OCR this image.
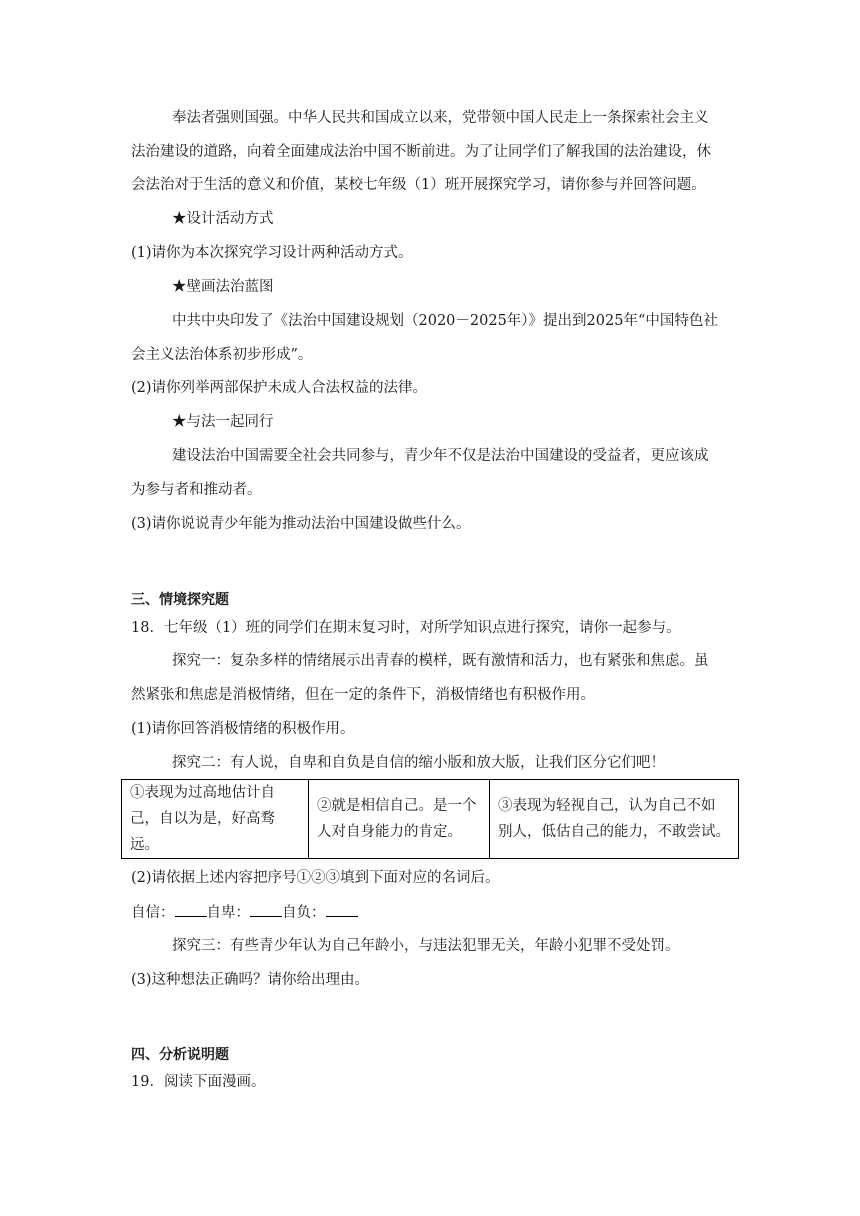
奉法者强则国强。中华人民共和国成立以来，党带领中国人民走上一条探索社会主义
法治建设的道路，向着全面建成法治中国不断前进。为了让同学们了解我国的法治建设，休
会法治对于生活的意义和价值，某校七年级（1）班开展探究学习，请你参与并回答问题。
★设计活动方式
(1)请你为本次探究学习设计两种活动方式。
★壁画法治蓝图
中共中央印发了《法治中国建设规划（2020－2025年）》提出到2025年“中国特色社
会主义法治体系初步形成”。
(2)请你列举两部保护未成人合法权益的法律。
★与法一起同行
建设法治中国需要全社会共同参与，青少年不仅是法治中国建设的受益者，更应该成
为参与者和推动者。
(3)请你说说青少年能为推动法治中国建设做些什么。
三、情境探究题
18．七年级（1）班的同学们在期末复习时，对所学知识点进行探究，请你一起参与。
探究一：复杂多样的情绪展示出青春的模样，既有激情和活力，也有紧张和焦虑。虽
然紧张和焦虑是消极情绪，但在一定的条件下，消极情绪也有积极作用。
(1)请你回答消极情绪的积极作用。
探究二：有人说，自卑和自负是自信的缩小版和放大版，让我们区分它们吧！
①表现为过高地估计自
己，自以为是，好高骛远。

②就是相信自己。是一个
人对自身能力的肯定。

③表现为轻视自己，认为自己不如
别人，低估自己的能力，不敢尝试。
(2)请依据上述内容把序号①②③填到下面对应的名词后。
自信： 自卑： 自负：
探究三：有些青少年认为自己年龄小，与违法犯罪无关，年龄小犯罪不受处罚。
(3)这种想法正确吗？请你给出理由。
四、分析说明题
19．阅读下面漫画。
